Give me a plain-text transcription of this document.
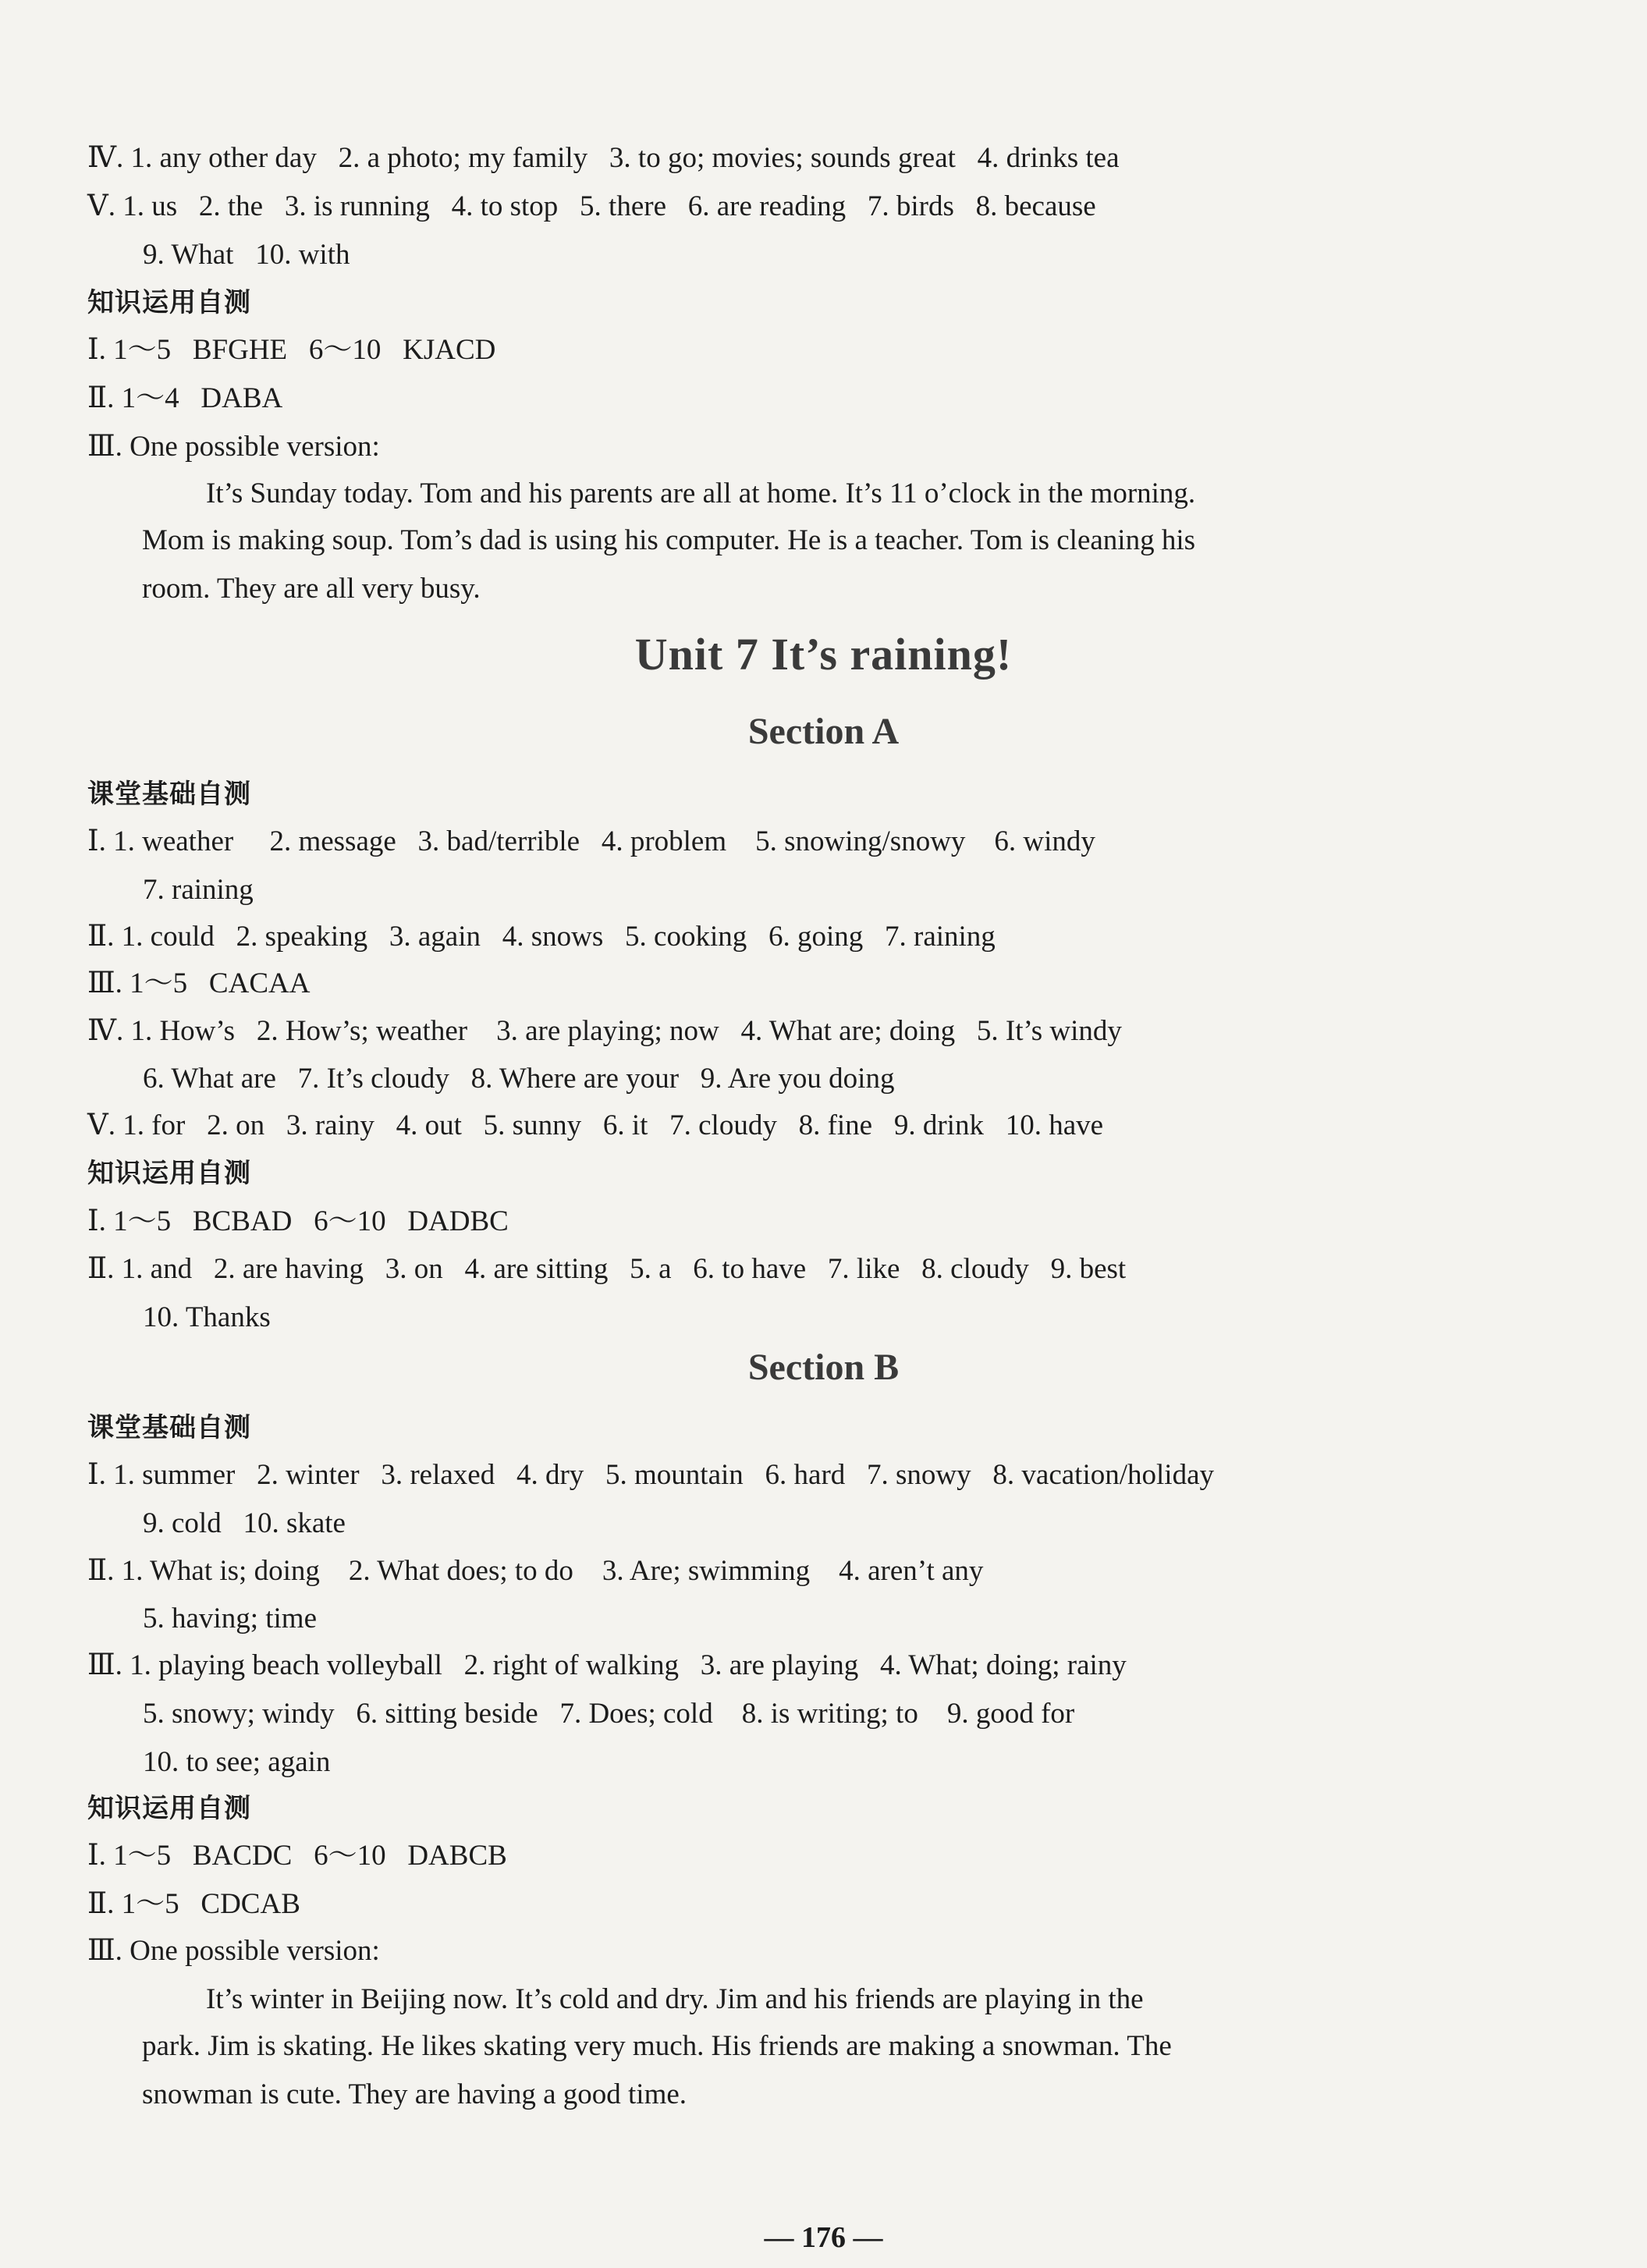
Ⅳ. 1. any other day   2. a photo; my family   3. to go; movies; sounds great   4. drinks tea
Ⅴ. 1. us   2. the   3. is running   4. to stop   5. there   6. are reading   7. birds   8. because
9. What   10. with
知识运用自测
Ⅰ. 1～5   BFGHE   6～10   KJACD
Ⅱ. 1～4   DABA
Ⅲ. One possible version:
It’s Sunday today. Tom and his parents are all at home. It’s 11 o’clock in the morning.
Mom is making soup. Tom’s dad is using his computer. He is a teacher. Tom is cleaning his
room. They are all very busy.
Unit 7 It’s raining!
Section A
课堂基础自测
Ⅰ. 1. weather     2. message   3. bad/terrible   4. problem    5. snowing/snowy    6. windy
7. raining
Ⅱ. 1. could   2. speaking   3. again   4. snows   5. cooking   6. going   7. raining
Ⅲ. 1～5   CACAA
Ⅳ. 1. How’s   2. How’s; weather    3. are playing; now   4. What are; doing   5. It’s windy
6. What are   7. It’s cloudy   8. Where are your   9. Are you doing
Ⅴ. 1. for   2. on   3. rainy   4. out   5. sunny   6. it   7. cloudy   8. fine   9. drink   10. have
知识运用自测
Ⅰ. 1～5   BCBAD   6～10   DADBC
Ⅱ. 1. and   2. are having   3. on   4. are sitting   5. a   6. to have   7. like   8. cloudy   9. best
10. Thanks
Section B
课堂基础自测
Ⅰ. 1. summer   2. winter   3. relaxed   4. dry   5. mountain   6. hard   7. snowy   8. vacation/holiday
9. cold   10. skate
Ⅱ. 1. What is; doing    2. What does; to do    3. Are; swimming    4. aren’t any
5. having; time
Ⅲ. 1. playing beach volleyball   2. right of walking   3. are playing   4. What; doing; rainy
5. snowy; windy   6. sitting beside   7. Does; cold    8. is writing; to    9. good for
10. to see; again
知识运用自测
Ⅰ. 1～5   BACDC   6～10   DABCB
Ⅱ. 1～5   CDCAB
Ⅲ. One possible version:
It’s winter in Beijing now. It’s cold and dry. Jim and his friends are playing in the
park. Jim is skating. He likes skating very much. His friends are making a snowman. The
snowman is cute. They are having a good time.
— 176 —
